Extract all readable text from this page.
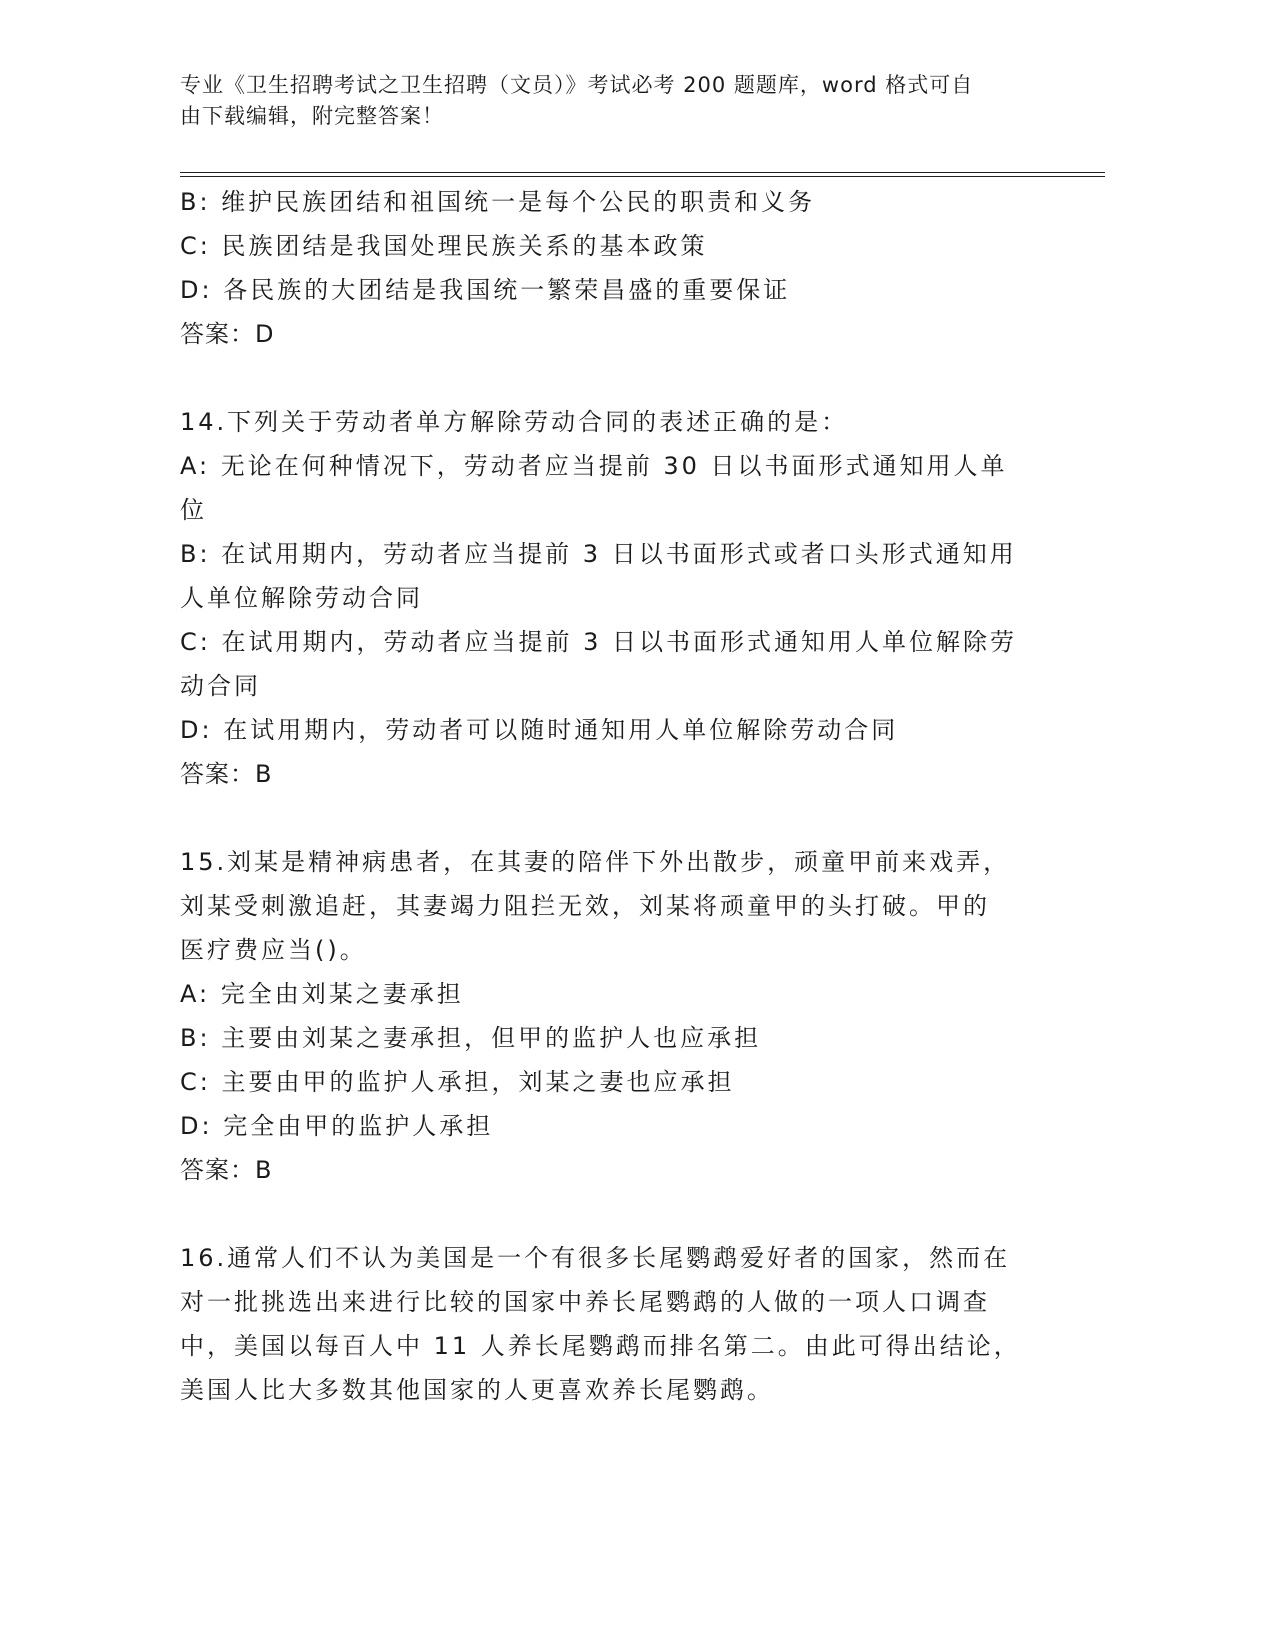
专业《卫生招聘考试之卫生招聘（文员）》考试必考 200 题题库，word 格式可自
由下载编辑，附完整答案！
B: 维护民族团结和祖国统一是每个公民的职责和义务
C: 民族团结是我国处理民族关系的基本政策
D: 各民族的大团结是我国统一繁荣昌盛的重要保证
答案：D
14.下列关于劳动者单方解除劳动合同的表述正确的是：
A: 无论在何种情况下，劳动者应当提前 30 日以书面形式通知用人单
位
B: 在试用期内，劳动者应当提前 3 日以书面形式或者口头形式通知用
人单位解除劳动合同
C: 在试用期内，劳动者应当提前 3 日以书面形式通知用人单位解除劳
动合同
D: 在试用期内，劳动者可以随时通知用人单位解除劳动合同
答案：B
15.刘某是精神病患者，在其妻的陪伴下外出散步，顽童甲前来戏弄，
刘某受刺激追赶，其妻竭力阻拦无效，刘某将顽童甲的头打破。甲的
医疗费应当()。
A: 完全由刘某之妻承担
B: 主要由刘某之妻承担，但甲的监护人也应承担
C: 主要由甲的监护人承担，刘某之妻也应承担
D: 完全由甲的监护人承担
答案：B
16.通常人们不认为美国是一个有很多长尾鹦鹉爱好者的国家，然而在
对一批挑选出来进行比较的国家中养长尾鹦鹉的人做的一项人口调查
中，美国以每百人中 11 人养长尾鹦鹉而排名第二。由此可得出结论，
美国人比大多数其他国家的人更喜欢养长尾鹦鹉。
